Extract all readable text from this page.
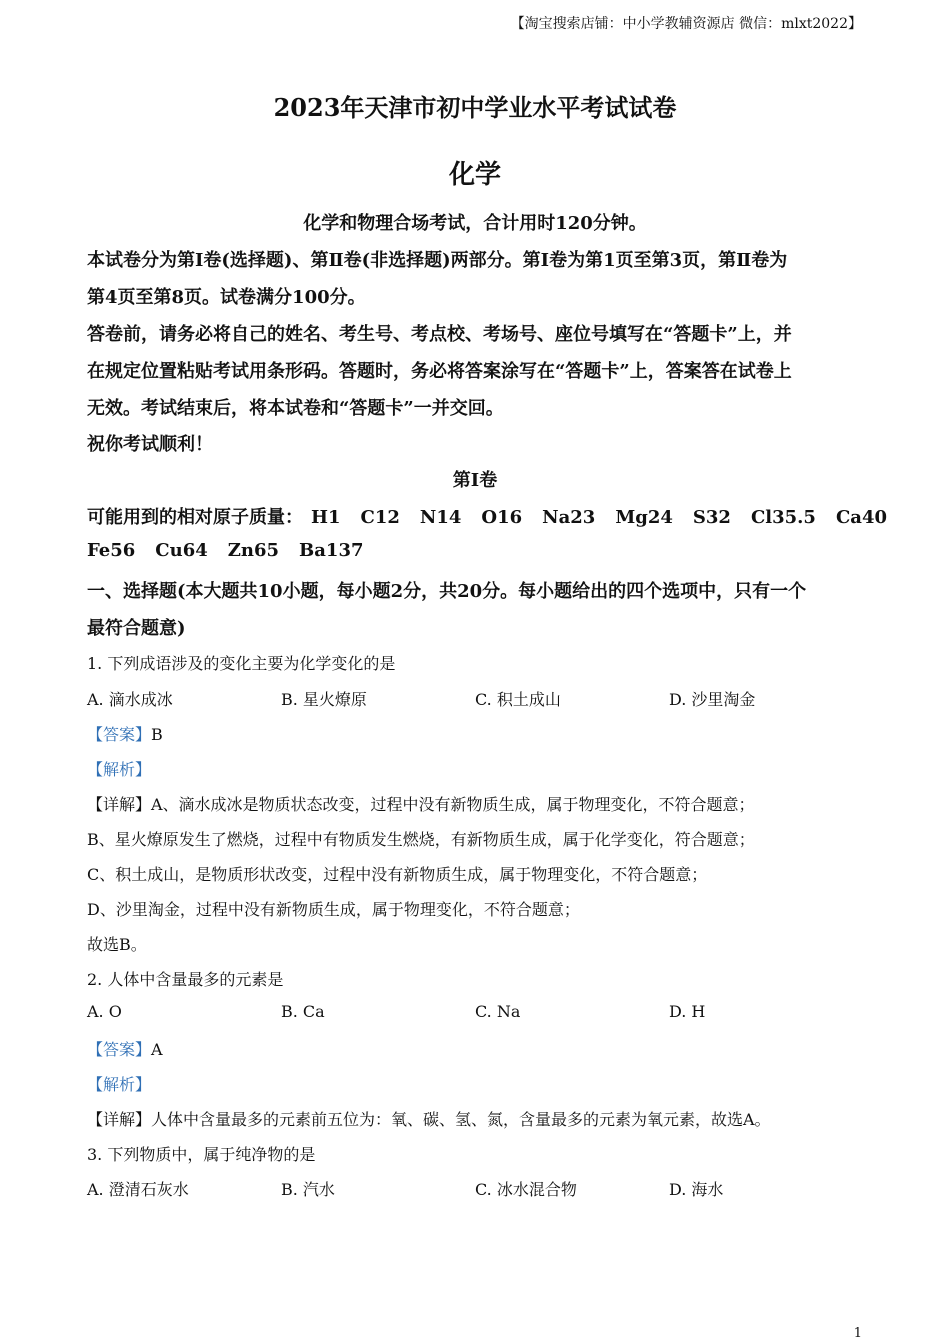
【淘宝搜索店铺：中小学教辅资源店 微信：mlxt2022】
2023年天津市初中学业水平考试试卷
化学
化学和物理合场考试，合计用时120分钟。
本试卷分为第Ⅰ卷(选择题)、第Ⅱ卷(非选择题)两部分。第Ⅰ卷为第1页至第3页，第Ⅱ卷为
第4页至第8页。试卷满分100分。
答卷前，请务必将自己的姓名、考生号、考点校、考场号、座位号填写在“答题卡”上，并
在规定位置粘贴考试用条形码。答题时，务必将答案涂写在“答题卡”上，答案答在试卷上
无效。考试结束后，将本试卷和“答题卡”一并交回。
祝你考试顺利！
第Ⅰ卷
可能用到的相对原子质量： H1 C12 N14 O16 Na23 Mg24 S32 Cl35.5 Ca40
Fe56 Cu64 Zn65 Ba137
一、选择题(本大题共10小题，每小题2分，共20分。每小题给出的四个选项中，只有一个
最符合题意)
1. 下列成语涉及的变化主要为化学变化的是
A. 滴水成冰	B. 星火燎原	C. 积土成山	D. 沙里淘金
【答案】B
【解析】
【详解】A、滴水成冰是物质状态改变，过程中没有新物质生成，属于物理变化，不符合题意；
B、星火燎原发生了燃烧，过程中有物质发生燃烧，有新物质生成，属于化学变化，符合题意；
C、积土成山，是物质形状改变，过程中没有新物质生成，属于物理变化，不符合题意；
D、沙里淘金，过程中没有新物质生成，属于物理变化，不符合题意；
故选B。
2. 人体中含量最多的元素是
A. O	B. Ca	C. Na	D. H
【答案】A
【解析】
【详解】人体中含量最多的元素前五位为：氧、碳、氢、氮，含量最多的元素为氧元素，故选A。
3. 下列物质中，属于纯净物的是
A. 澄清石灰水	B. 汽水	C. 冰水混合物	D. 海水
1
